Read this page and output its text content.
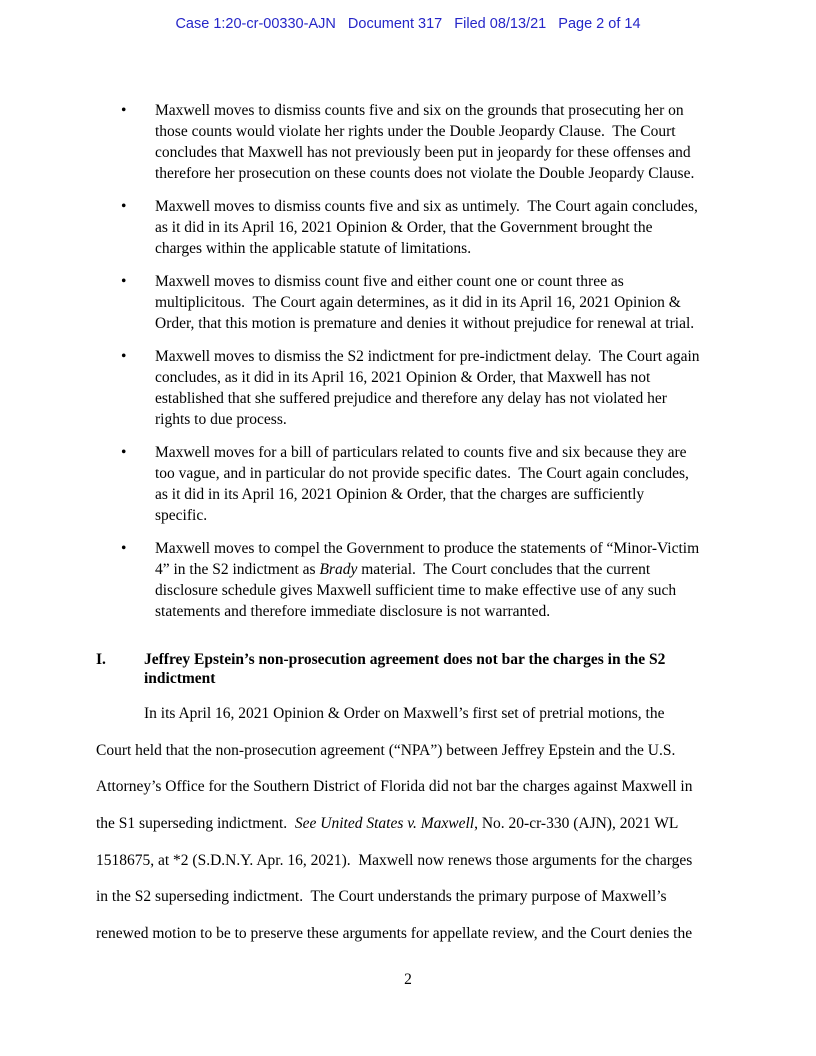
Case 1:20-cr-00330-AJN   Document 317   Filed 08/13/21   Page 2 of 14
•	Maxwell moves to dismiss counts five and six on the grounds that prosecuting her on
those counts would violate her rights under the Double Jeopardy Clause.  The Court
concludes that Maxwell has not previously been put in jeopardy for these offenses and
therefore her prosecution on these counts does not violate the Double Jeopardy Clause.
•	Maxwell moves to dismiss counts five and six as untimely.  The Court again concludes,
as it did in its April 16, 2021 Opinion & Order, that the Government brought the
charges within the applicable statute of limitations.
•	Maxwell moves to dismiss count five and either count one or count three as
multiplicitous.  The Court again determines, as it did in its April 16, 2021 Opinion &
Order, that this motion is premature and denies it without prejudice for renewal at trial.
•	Maxwell moves to dismiss the S2 indictment for pre-indictment delay.  The Court again
concludes, as it did in its April 16, 2021 Opinion & Order, that Maxwell has not
established that she suffered prejudice and therefore any delay has not violated her
rights to due process.
•	Maxwell moves for a bill of particulars related to counts five and six because they are
too vague, and in particular do not provide specific dates.  The Court again concludes,
as it did in its April 16, 2021 Opinion & Order, that the charges are sufficiently
specific.
•	Maxwell moves to compel the Government to produce the statements of “Minor-Victim
4” in the S2 indictment as Brady material.  The Court concludes that the current
disclosure schedule gives Maxwell sufficient time to make effective use of any such
statements and therefore immediate disclosure is not warranted.
I.	Jeffrey Epstein’s non-prosecution agreement does not bar the charges in the S2
indictment
In its April 16, 2021 Opinion & Order on Maxwell’s first set of pretrial motions, the
Court held that the non-prosecution agreement (“NPA”) between Jeffrey Epstein and the U.S.
Attorney’s Office for the Southern District of Florida did not bar the charges against Maxwell in
the S1 superseding indictment.  See United States v. Maxwell, No. 20-cr-330 (AJN), 2021 WL
1518675, at *2 (S.D.N.Y. Apr. 16, 2021).  Maxwell now renews those arguments for the charges
in the S2 superseding indictment.  The Court understands the primary purpose of Maxwell’s
renewed motion to be to preserve these arguments for appellate review, and the Court denies the
2
